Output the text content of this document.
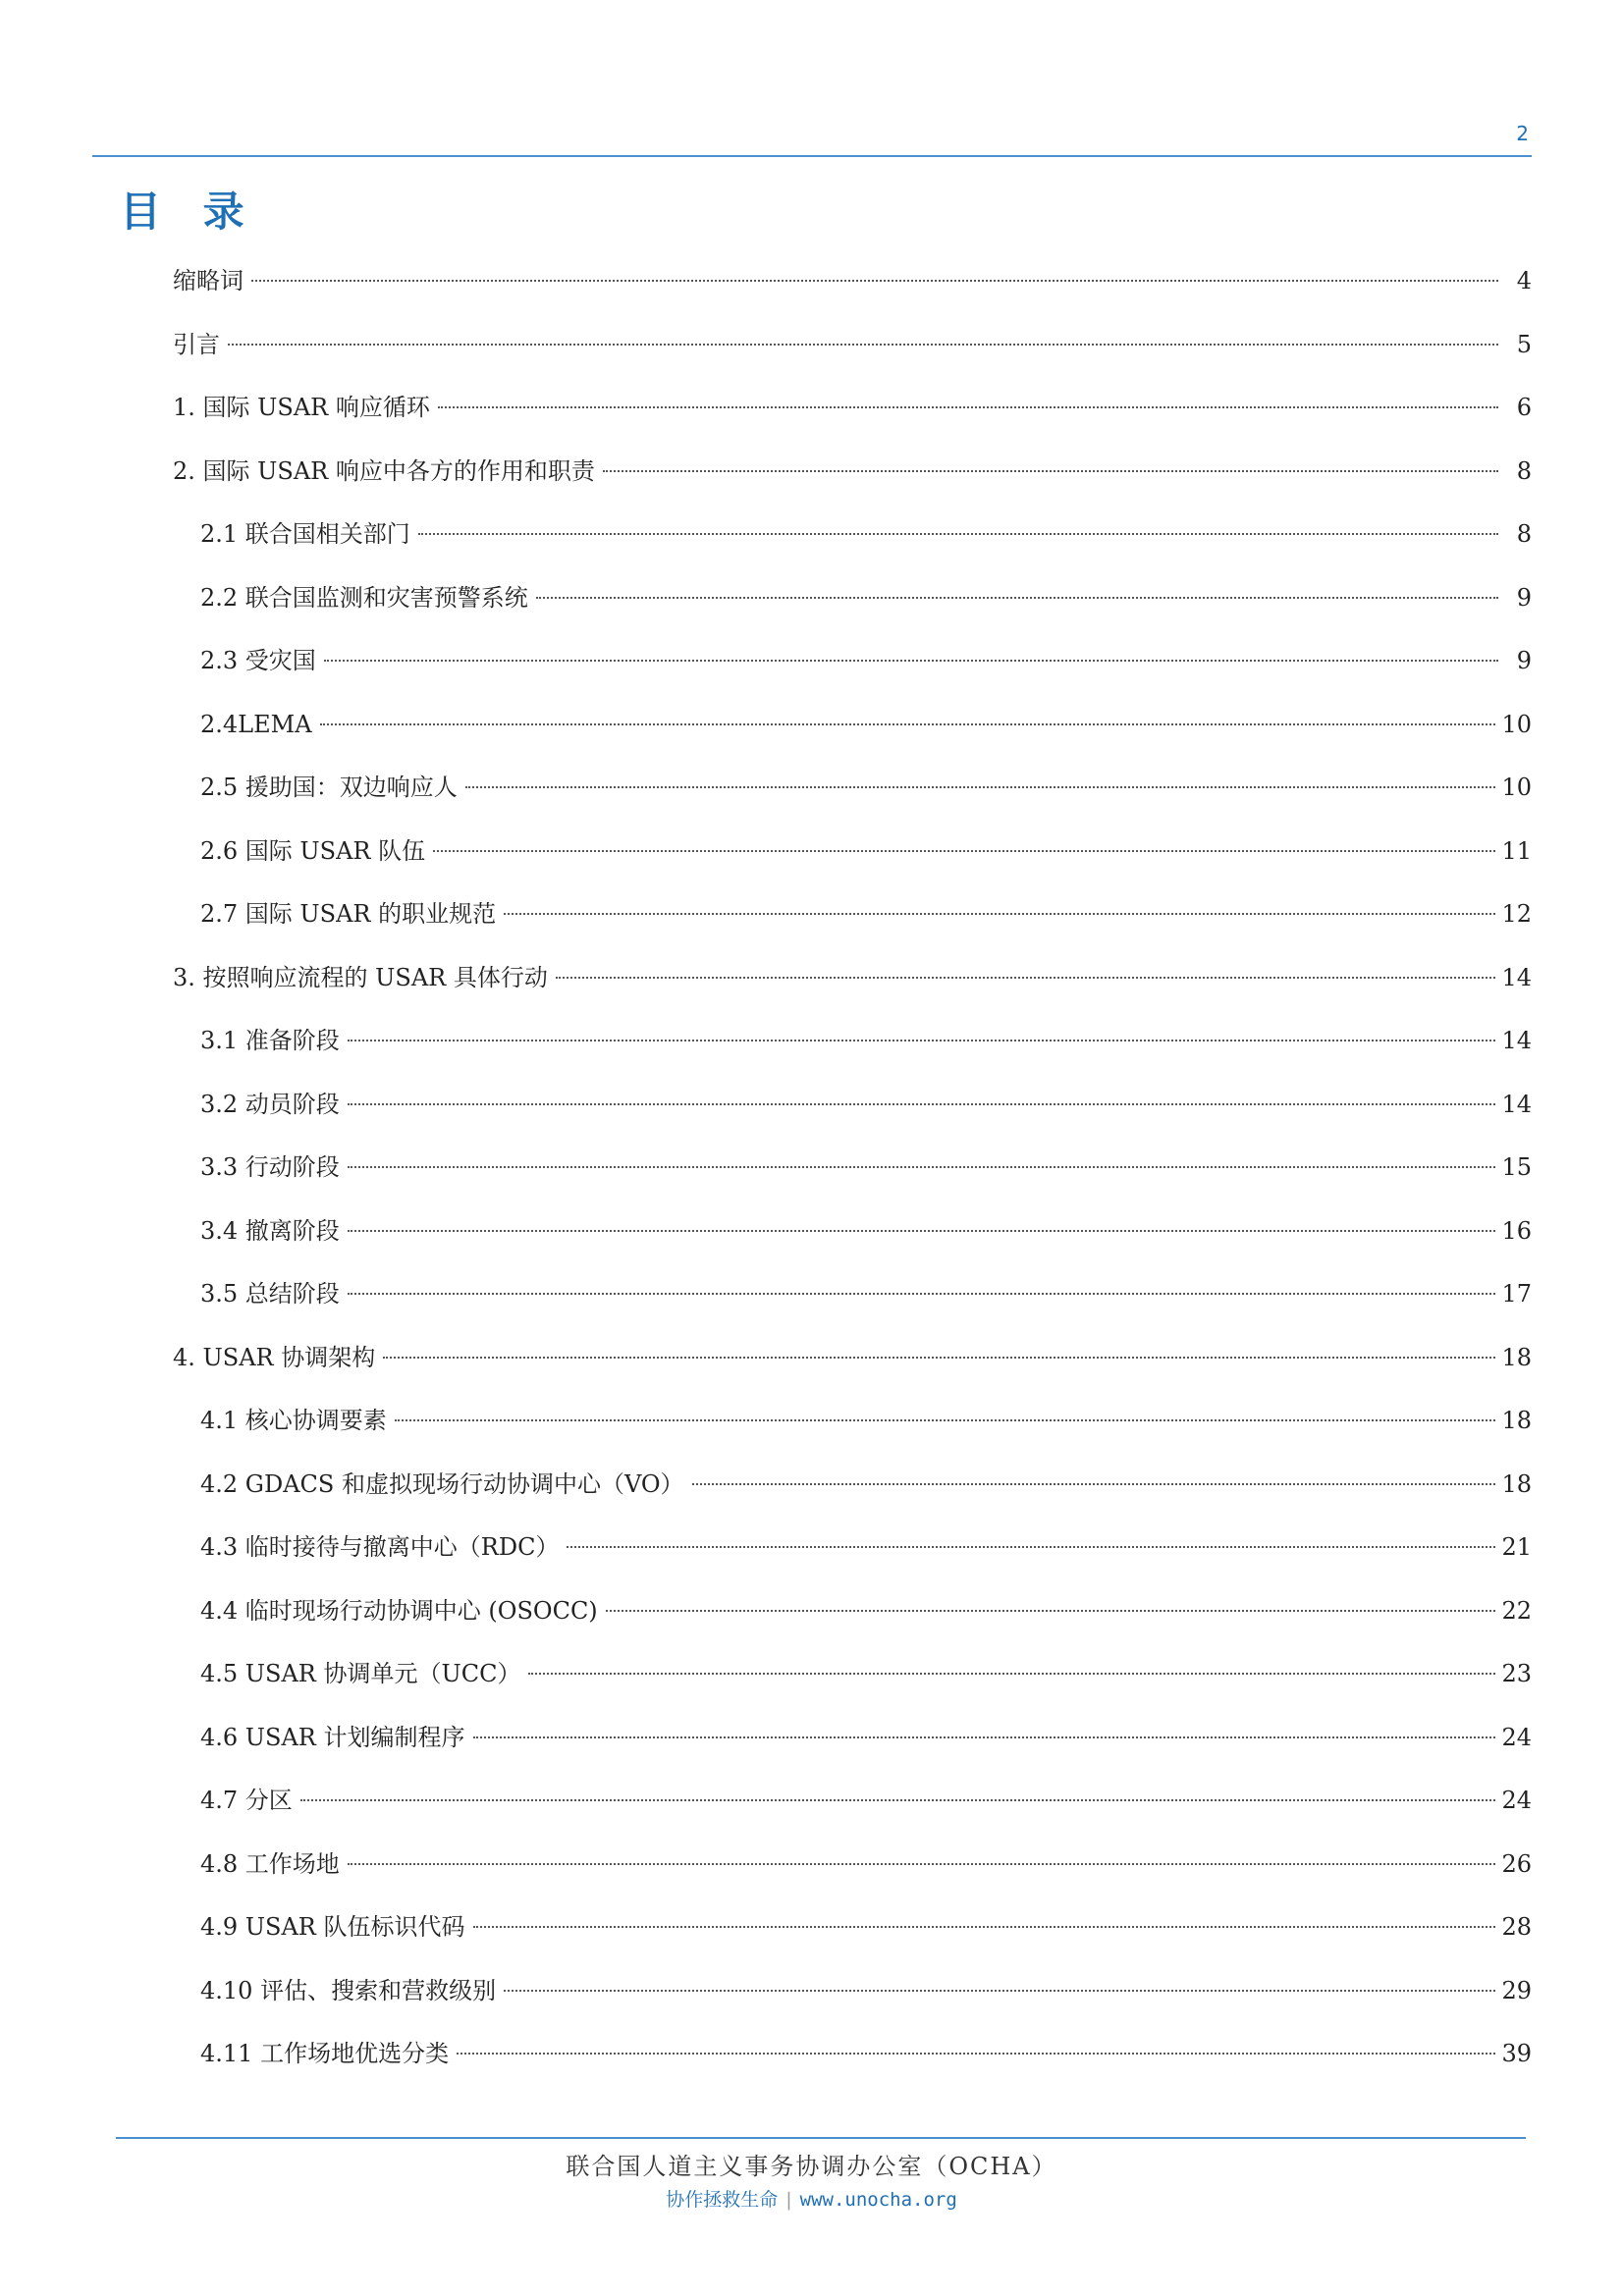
2
目 录
缩略词	4
引言	5
1. 国际 USAR 响应循环	6
2. 国际 USAR 响应中各方的作用和职责	8
2.1 联合国相关部门	8
2.2 联合国监测和灾害预警系统	9
2.3 受灾国	9
2.4LEMA	10
2.5 援助国：双边响应人	10
2.6 国际 USAR 队伍	11
2.7 国际 USAR 的职业规范	12
3. 按照响应流程的 USAR 具体行动	14
3.1 准备阶段	14
3.2 动员阶段	14
3.3 行动阶段	15
3.4 撤离阶段	16
3.5 总结阶段	17
4. USAR 协调架构	18
4.1 核心协调要素	18
4.2 GDACS 和虚拟现场行动协调中心（VO）	18
4.3 临时接待与撤离中心（RDC）	21
4.4 临时现场行动协调中心 (OSOCC)	22
4.5 USAR 协调单元（UCC）	23
4.6 USAR 计划编制程序	24
4.7 分区	24
4.8 工作场地	26
4.9 USAR 队伍标识代码	28
4.10 评估、搜索和营救级别	29
4.11 工作场地优选分类	39
联合国人道主义事务协调办公室（OCHA）
协作拯救生命 | www.unocha.org
